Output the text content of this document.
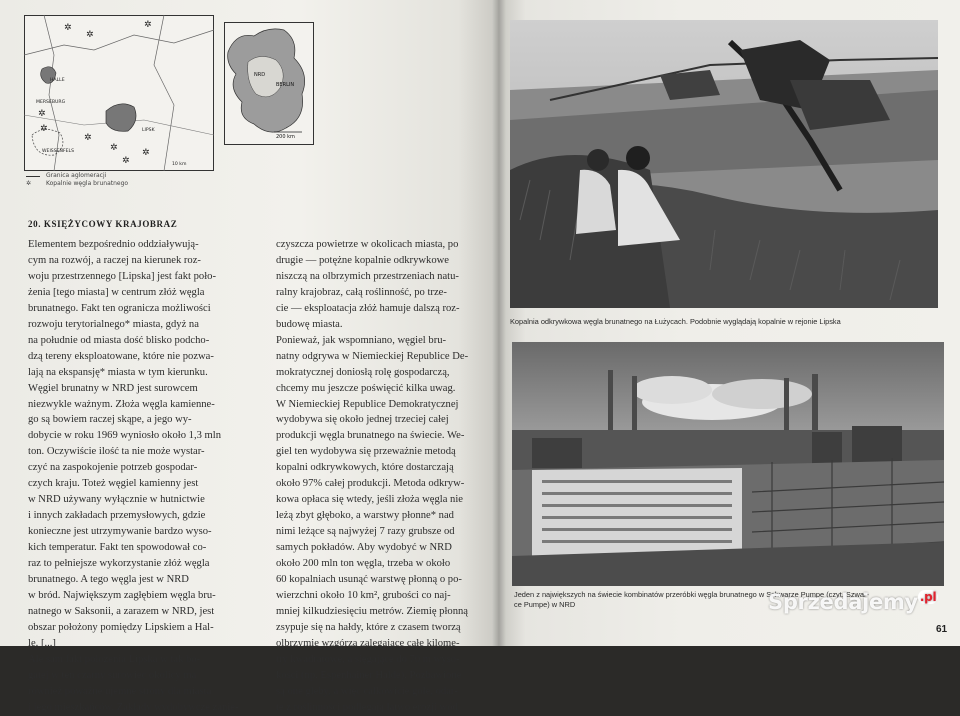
✲
✲
✲
✲
✲
✲
✲	✲
✲
HALLE
MERSEBURG
LIPSK
WEISSENFELS
10 km
NRD
BERLIN
200 km
Granica aglomeracji
✲	Kopalnie węgla brunatnego
20. KSIĘŻYCOWY KRAJOBRAZ
Elementem bezpośrednio oddziaływują-
cym na rozwój, a raczej na kierunek roz-
woju przestrzennego [Lipska] jest fakt poło-
żenia [tego miasta] w centrum złóż węgla
brunatnego. Fakt ten ogranicza możliwości
rozwoju terytorialnego* miasta, gdyż na
na południe od miasta dość blisko podcho-
dzą tereny eksploatowane, które nie pozwa-
lają na ekspansję* miasta w tym kierunku.
Węgiel brunatny w NRD jest surowcem
niezwykle ważnym. Złoża węgla kamienne-
go są bowiem raczej skąpe, a jego wy-
dobycie w roku 1969 wyniosło około 1,3 mln
ton. Oczywiście ilość ta nie może wystar-
czyć na zaspokojenie potrzeb gospodar-
czych kraju. Toteż węgiel kamienny jest
w NRD używany wyłącznie w hutnictwie
i innych zakładach przemysłowych, gdzie
konieczne jest utrzymywanie bardzo wyso-
kich temperatur. Fakt ten spowodował co-
raz to pełniejsze wykorzystanie złóż węgla
brunatnego. A tego węgla jest w NRD
w bród. Największym zagłębiem węgla bru-
natnego w Saksonii, a zarazem w NRD, jest
obszar położony pomiędzy Lipskiem a Hal-
le. [...]
Ale sam fakt położenia Lipska w tak bo-
gatej w ten czarny surowiec okolicy ma
również poważne ujemne strony dla miasta
i jego mieszkańców. Zakłady wydobywcze zanie-
czyszcza powietrze w okolicach miasta, po
drugie — potężne kopalnie odkrywkowe
niszczą na olbrzymich przestrzeniach natu-
ralny krajobraz, całą roślinność, po trze-
cie — eksploatacja złóż hamuje dalszą roz-
budowę miasta.
Ponieważ, jak wspomniano, węgiel bru-
natny odgrywa w Niemieckiej Republice De-
mokratycznej doniosłą rolę gospodarczą,
chcemy mu jeszcze poświęcić kilka uwag.
W Niemieckiej Republice Demokratycznej
wydobywa się około jednej trzeciej całej
produkcji węgla brunatnego na świecie. We-
giel ten wydobywa się przeważnie metodą
kopalni odkrywkowych, które dostarczają
około 97% całej produkcji. Metoda odkryw-
kowa opłaca się wtedy, jeśli złoża węgla nie
leżą zbyt głęboko, a warstwy płonne* nad
nimi leżące są najwyżej 7 razy grubsze od
samych pokładów. Aby wydobyć w NRD
około 200 mln ton węgla, trzeba w około
60 kopalniach usunąć warstwę płonną o po-
wierzchni około 10 km², grubości co naj-
mniej kilkudziesięciu metrów. Ziemię płonną
zsypuje się na hałdy, które z czasem tworzą
olbrzymie wzgórza zalegające całe kilome-
try kwadratowe, a sięgające do 70 m wyso-
kości (np. Espenhainer Halde). Pozbawione
są one gleby, a więc całkowicie gołe, odar-
te z roślinności podlegają łatwo erozji wód
Kopalnia odkrywkowa węgla brunatnego na Łużycach. Podobnie wyglądają kopalnie w rejonie Lipska
Jeden z największych na świecie kombinatów przeróbki węgla brunatnego w Schwarze Pumpe (czyt. Szwar-
ce Pumpe) w NRD
61
Sprzedajemy $^{.pl}$
